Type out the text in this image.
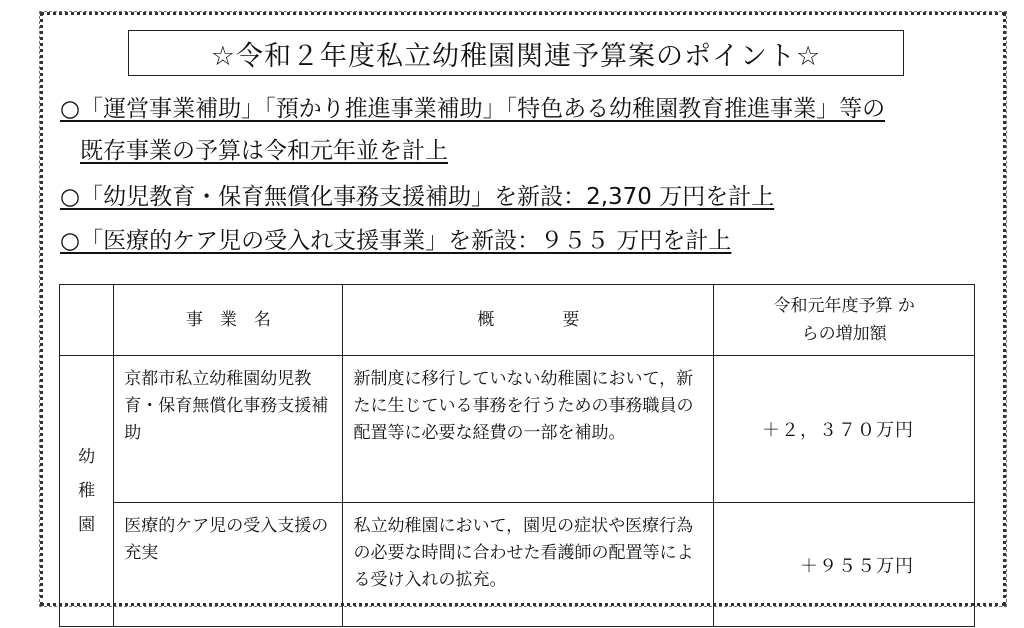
☆令和２年度私立幼稚園関連予算案のポイント☆
○「運営事業補助」「預かり推進事業補助」「特色ある幼稚園教育推進事業」等の
既存事業の予算は令和元年並を計上
○「幼児教育・保育無償化事務支援補助」を新設：2,370 万円を計上
○「医療的ケア児の受入れ支援事業」を新設：９５５ 万円を計上
	事　業　名	概　　　　要	令和元年度予算 からの増加額
幼稚園	京都市私立幼稚園幼児教育・保育無償化事務支援補助	新制度に移行していない幼稚園において，新たに生じている事務を行うための事務職員の配置等に必要な経費の一部を補助。	＋２，３７０万円
	医療的ケア児の受入支援の充実	私立幼稚園において，園児の症状や医療行為の必要な時間に合わせた看護師の配置等による受け入れの拡充。	＋９５５万円
